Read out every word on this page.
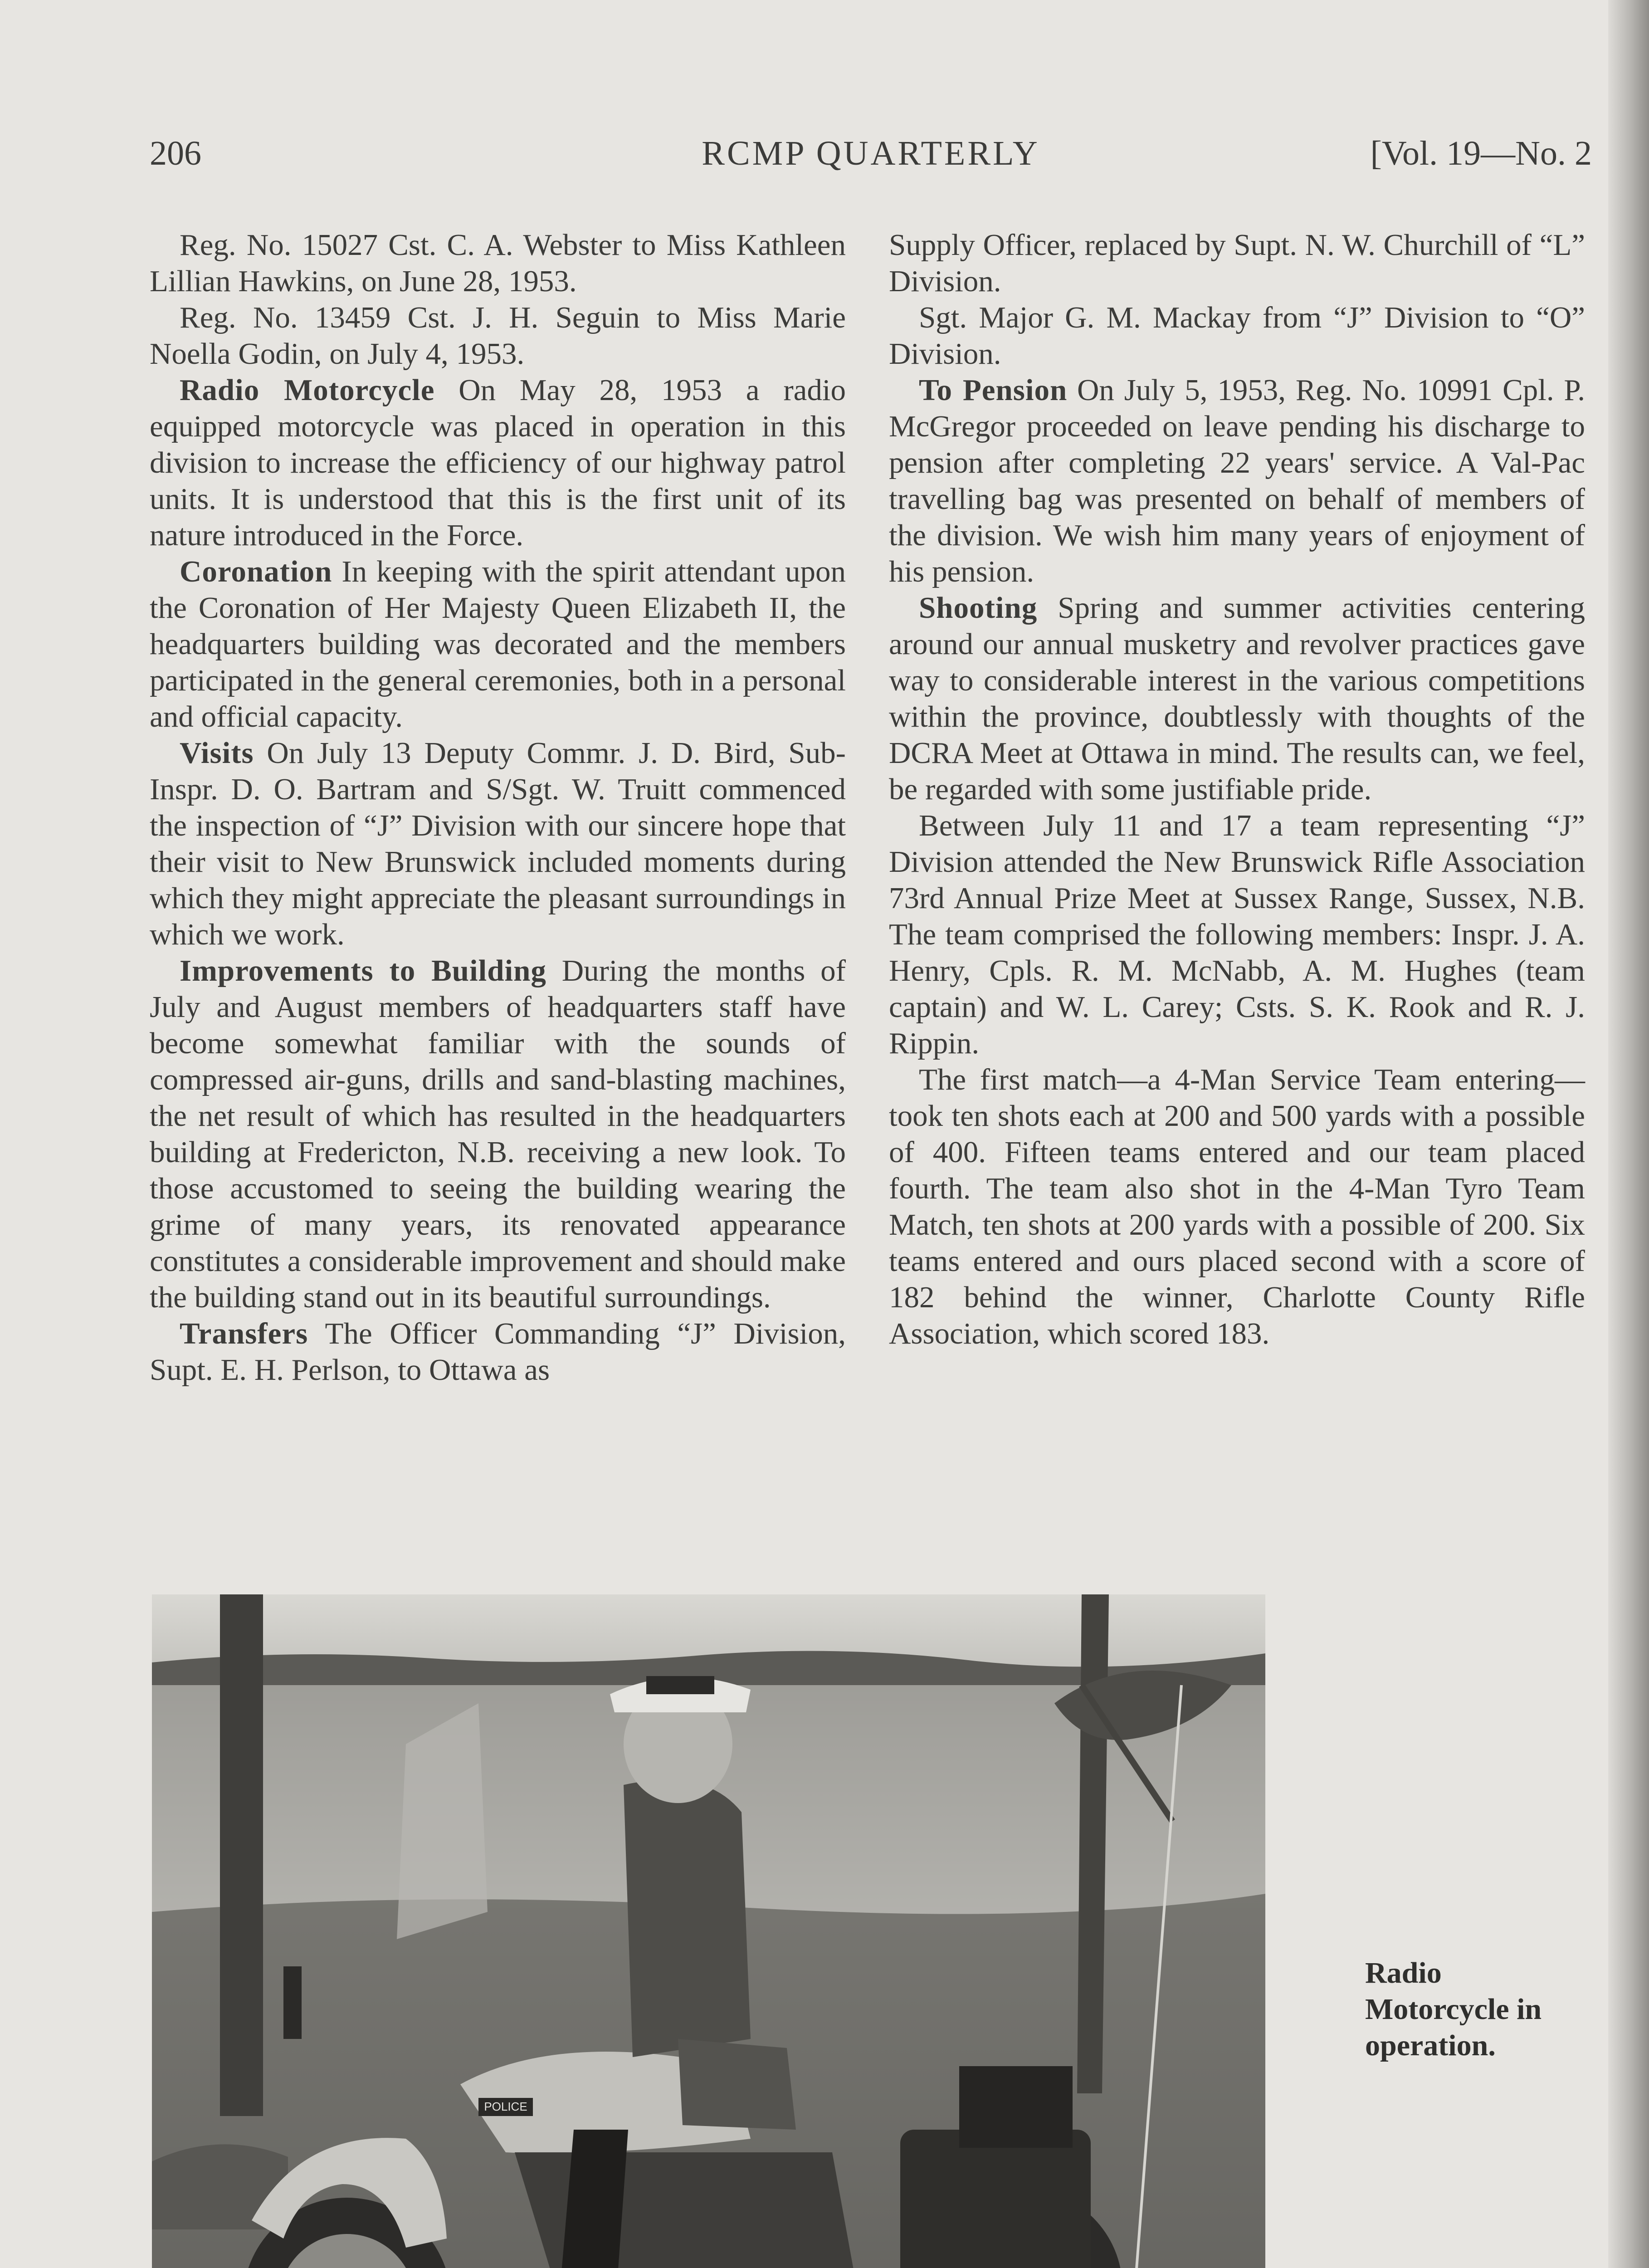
206	RCMP QUARTERLY	[Vol. 19—No. 2

Reg. No. 15027 Cst. C. A. Webster to Miss Kathleen Lillian Hawkins, on June 28, 1953.

Reg. No. 13459 Cst. J. H. Seguin to Miss Marie Noella Godin, on July 4, 1953.

Radio Motorcycle On May 28, 1953 a radio equipped motorcycle was placed in operation in this division to increase the efficiency of our highway patrol units. It is understood that this is the first unit of its nature introduced in the Force.

Coronation In keeping with the spirit attendant upon the Coronation of Her Majesty Queen Elizabeth II, the headquarters building was decorated and the members participated in the general ceremonies, both in a personal and official capacity.

Visits On July 13 Deputy Commr. J. D. Bird, Sub-Inspr. D. O. Bartram and S/Sgt. W. Truitt commenced the inspection of “J” Division with our sincere hope that their visit to New Brunswick included moments during which they might appreciate the pleasant surroundings in which we work.

Improvements to Building During the months of July and August members of headquarters staff have become somewhat familiar with the sounds of compressed air-guns, drills and sand-blasting machines, the net result of which has resulted in the headquarters building at Fredericton, N.B. receiving a new look. To those accustomed to seeing the building wearing the grime of many years, its renovated appearance constitutes a considerable improvement and should make the building stand out in its beautiful surroundings.

Transfers The Officer Commanding “J” Division, Supt. E. H. Perlson, to Ottawa as

Supply Officer, replaced by Supt. N. W. Churchill of “L” Division.

Sgt. Major G. M. Mackay from “J” Division to “O” Division.

To Pension On July 5, 1953, Reg. No. 10991 Cpl. P. McGregor proceeded on leave pending his discharge to pension after completing 22 years' service. A Val-Pac travelling bag was presented on behalf of members of the division. We wish him many years of enjoyment of his pension.

Shooting Spring and summer activities centering around our annual musketry and revolver practices gave way to considerable interest in the various competitions within the province, doubtlessly with thoughts of the DCRA Meet at Ottawa in mind. The results can, we feel, be regarded with some justifiable pride.

Between July 11 and 17 a team representing “J” Division attended the New Brunswick Rifle Association 73rd Annual Prize Meet at Sussex Range, Sussex, N.B. The team comprised the following members: Inspr. J. A. Henry, Cpls. R. M. McNabb, A. M. Hughes (team captain) and W. L. Carey; Csts. S. K. Rook and R. J. Rippin.

The first match—a 4-Man Service Team entering—took ten shots each at 200 and 500 yards with a possible of 400. Fifteen teams entered and our team placed fourth. The team also shot in the 4-Man Tyro Team Match, ten shots at 200 yards with a possible of 200. Six teams entered and ours placed second with a score of 182 behind the winner, Charlotte County Rifle Association, which scored 183.

POLICE
Radio Motorcycle in operation.
